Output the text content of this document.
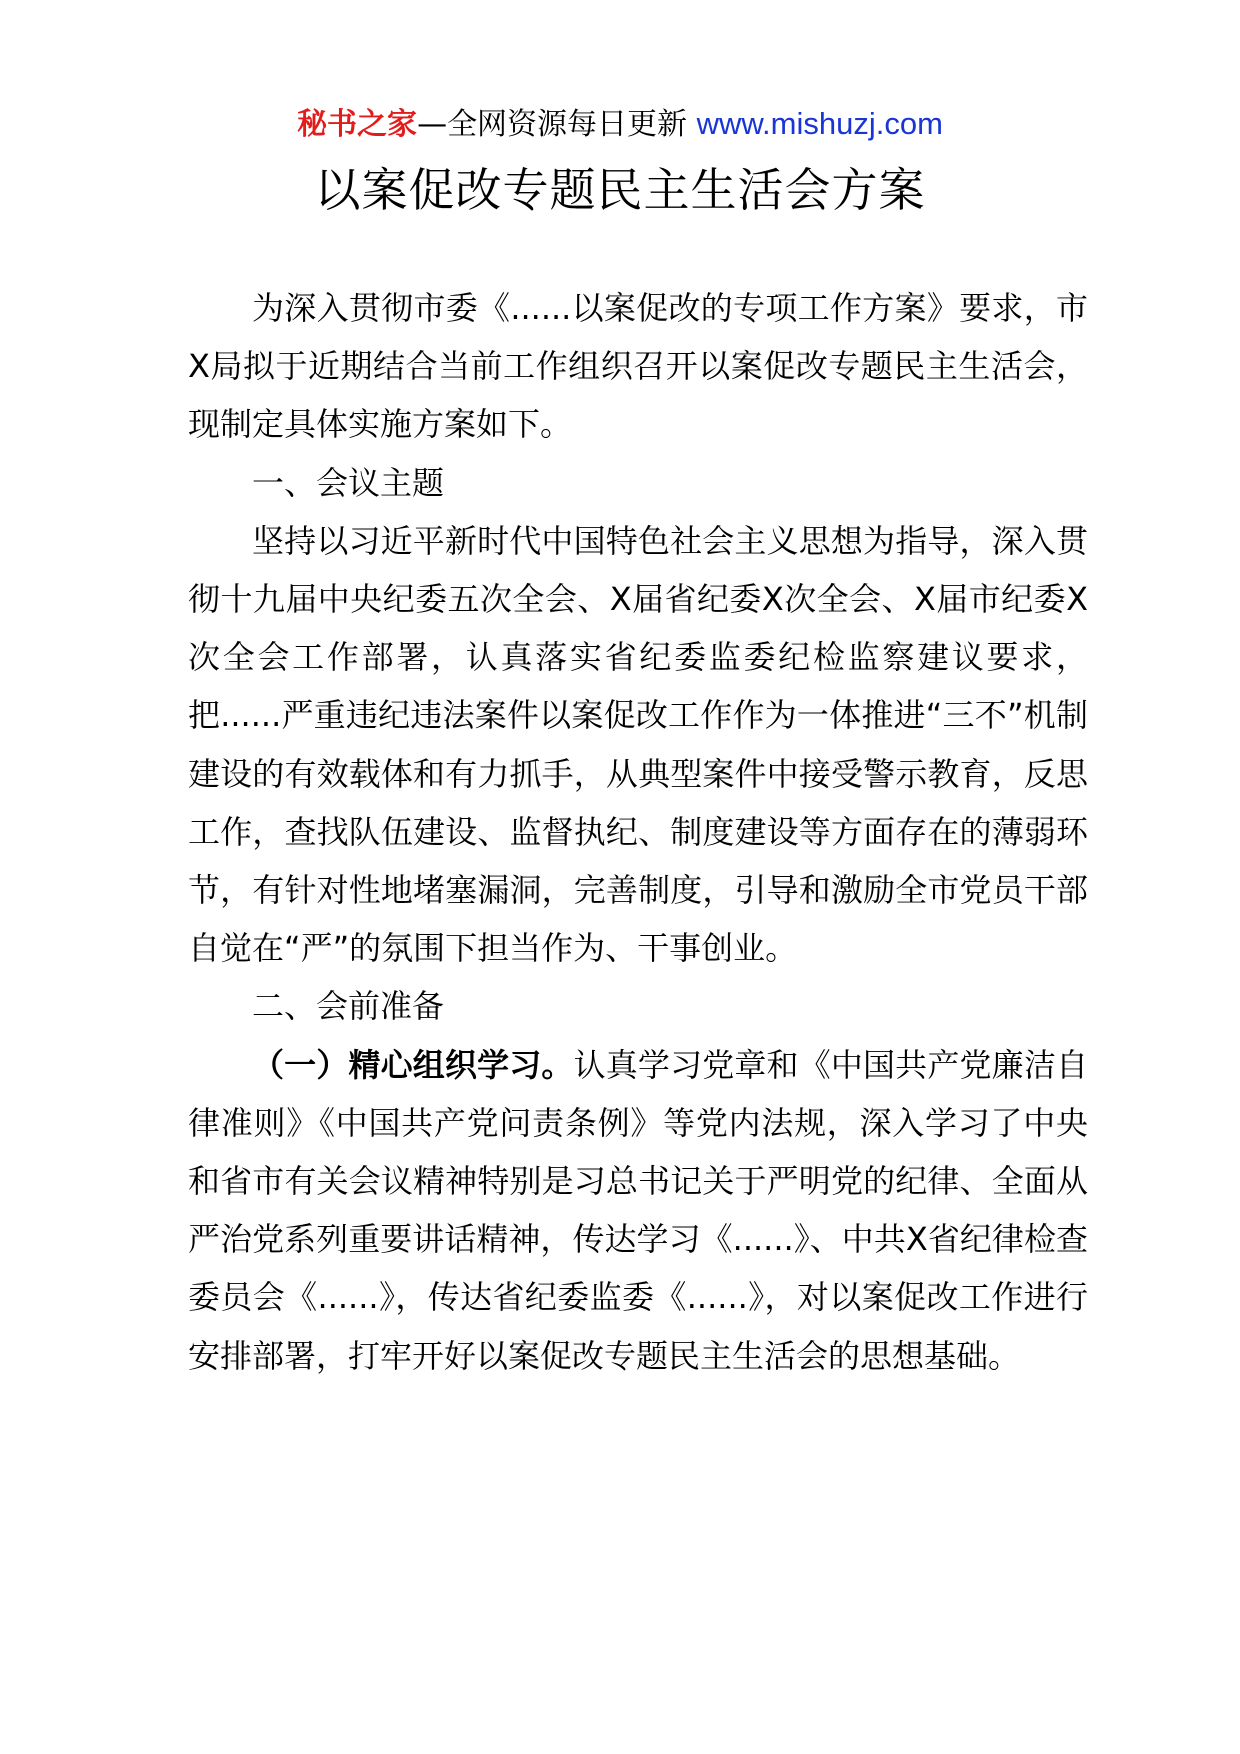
秘书之家—全网资源每日更新 www.mishuzj.com
以案促改专题民主生活会方案

为深入贯彻市委《......以案促改的专项工作方案》要求，市X局拟于近期结合当前工作组织召开以案促改专题民主生活会，现制定具体实施方案如下。

一、会议主题

坚持以习近平新时代中国特色社会主义思想为指导，深入贯彻十九届中央纪委五次全会、X届省纪委X次全会、X届市纪委X次全会工作部署，认真落实省纪委监委纪检监察建议要求，把......严重违纪违法案件以案促改工作作为一体推进“三不”机制建设的有效载体和有力抓手，从典型案件中接受警示教育，反思工作，查找队伍建设、监督执纪、制度建设等方面存在的薄弱环节，有针对性地堵塞漏洞，完善制度，引导和激励全市党员干部自觉在“严”的氛围下担当作为、干事创业。

二、会前准备

（一）精心组织学习。认真学习党章和《中国共产党廉洁自律准则》《中国共产党问责条例》等党内法规，深入学习了中央和省市有关会议精神特别是习总书记关于严明党的纪律、全面从严治党系列重要讲话精神，传达学习《......》、中共X省纪律检查委员会《......》，传达省纪委监委《......》，对以案促改工作进行安排部署，打牢开好以案促改专题民主生活会的思想基础。
